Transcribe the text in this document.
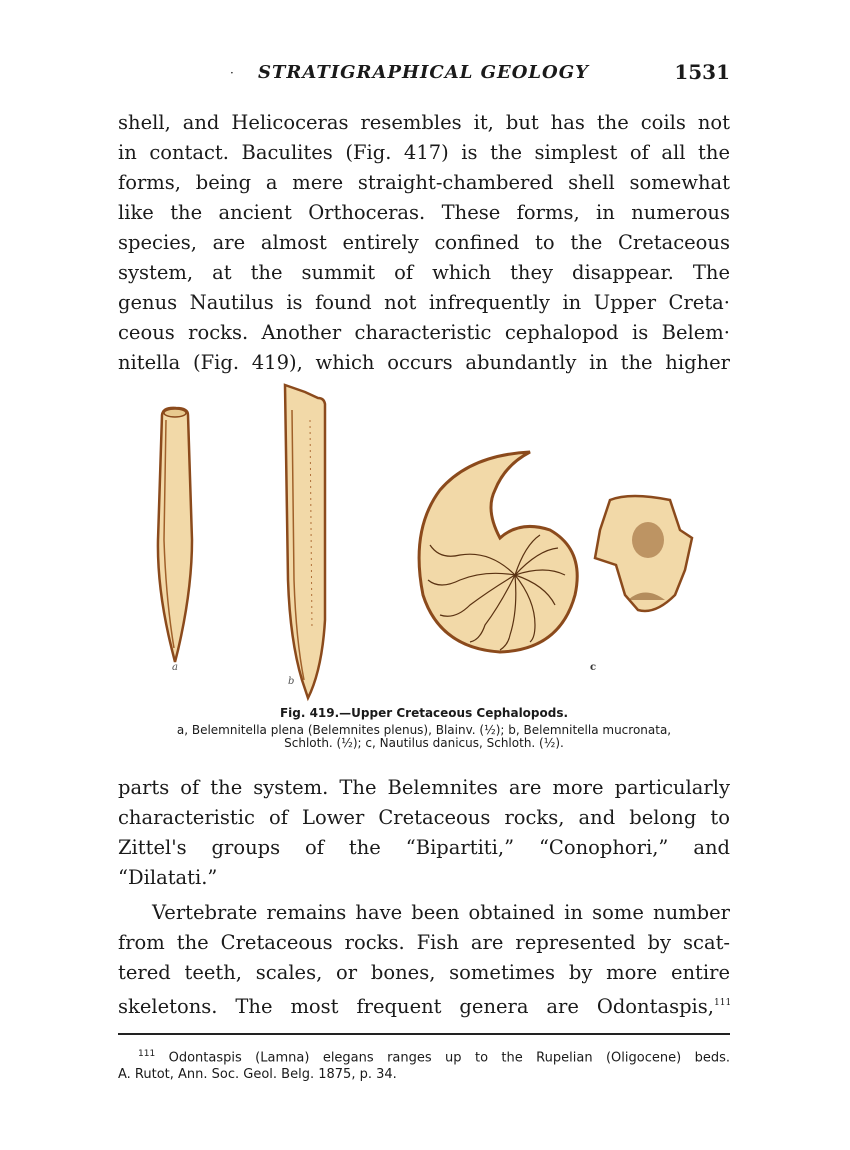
· STRATIGRAPHICAL GEOLOGY	1531
shell, and Helicoceras resembles it, but has the coils not
in contact. Baculites (Fig. 417) is the simplest of all the
forms, being a mere straight-chambered shell somewhat
like the ancient Orthoceras. These forms, in numerous
species, are almost entirely confined to the Cretaceous
system, at the summit of which they disappear. The
genus Nautilus is found not infrequently in Upper Creta·
ceous rocks. Another characteristic cephalopod is Belem·
nitella (Fig. 419), which occurs abundantly in the higher
a
b
c
Fig. 419.—Upper Cretaceous Cephalopods.
a, Belemnitella plena (Belemnites plenus), Blainv. (½); b, Belemnitella mucronata,
Schloth. (½); c, Nautilus danicus, Schloth. (½).
parts of the system. The Belemnites are more particularly
characteristic of Lower Cretaceous rocks, and belong to
Zittel's groups of the “Bipartiti,” “Conophori,” and
“Dilatati.”
Vertebrate remains have been obtained in some number
from the Cretaceous rocks. Fish are represented by scat-
tered teeth, scales, or bones, sometimes by more entire
skeletons. The most frequent genera are Odontaspis,$^{111}$
$^{111}$ Odontaspis (Lamna) elegans ranges up to the Rupelian (Oligocene) beds.
A. Rutot, Ann. Soc. Geol. Belg. 1875, p. 34.
